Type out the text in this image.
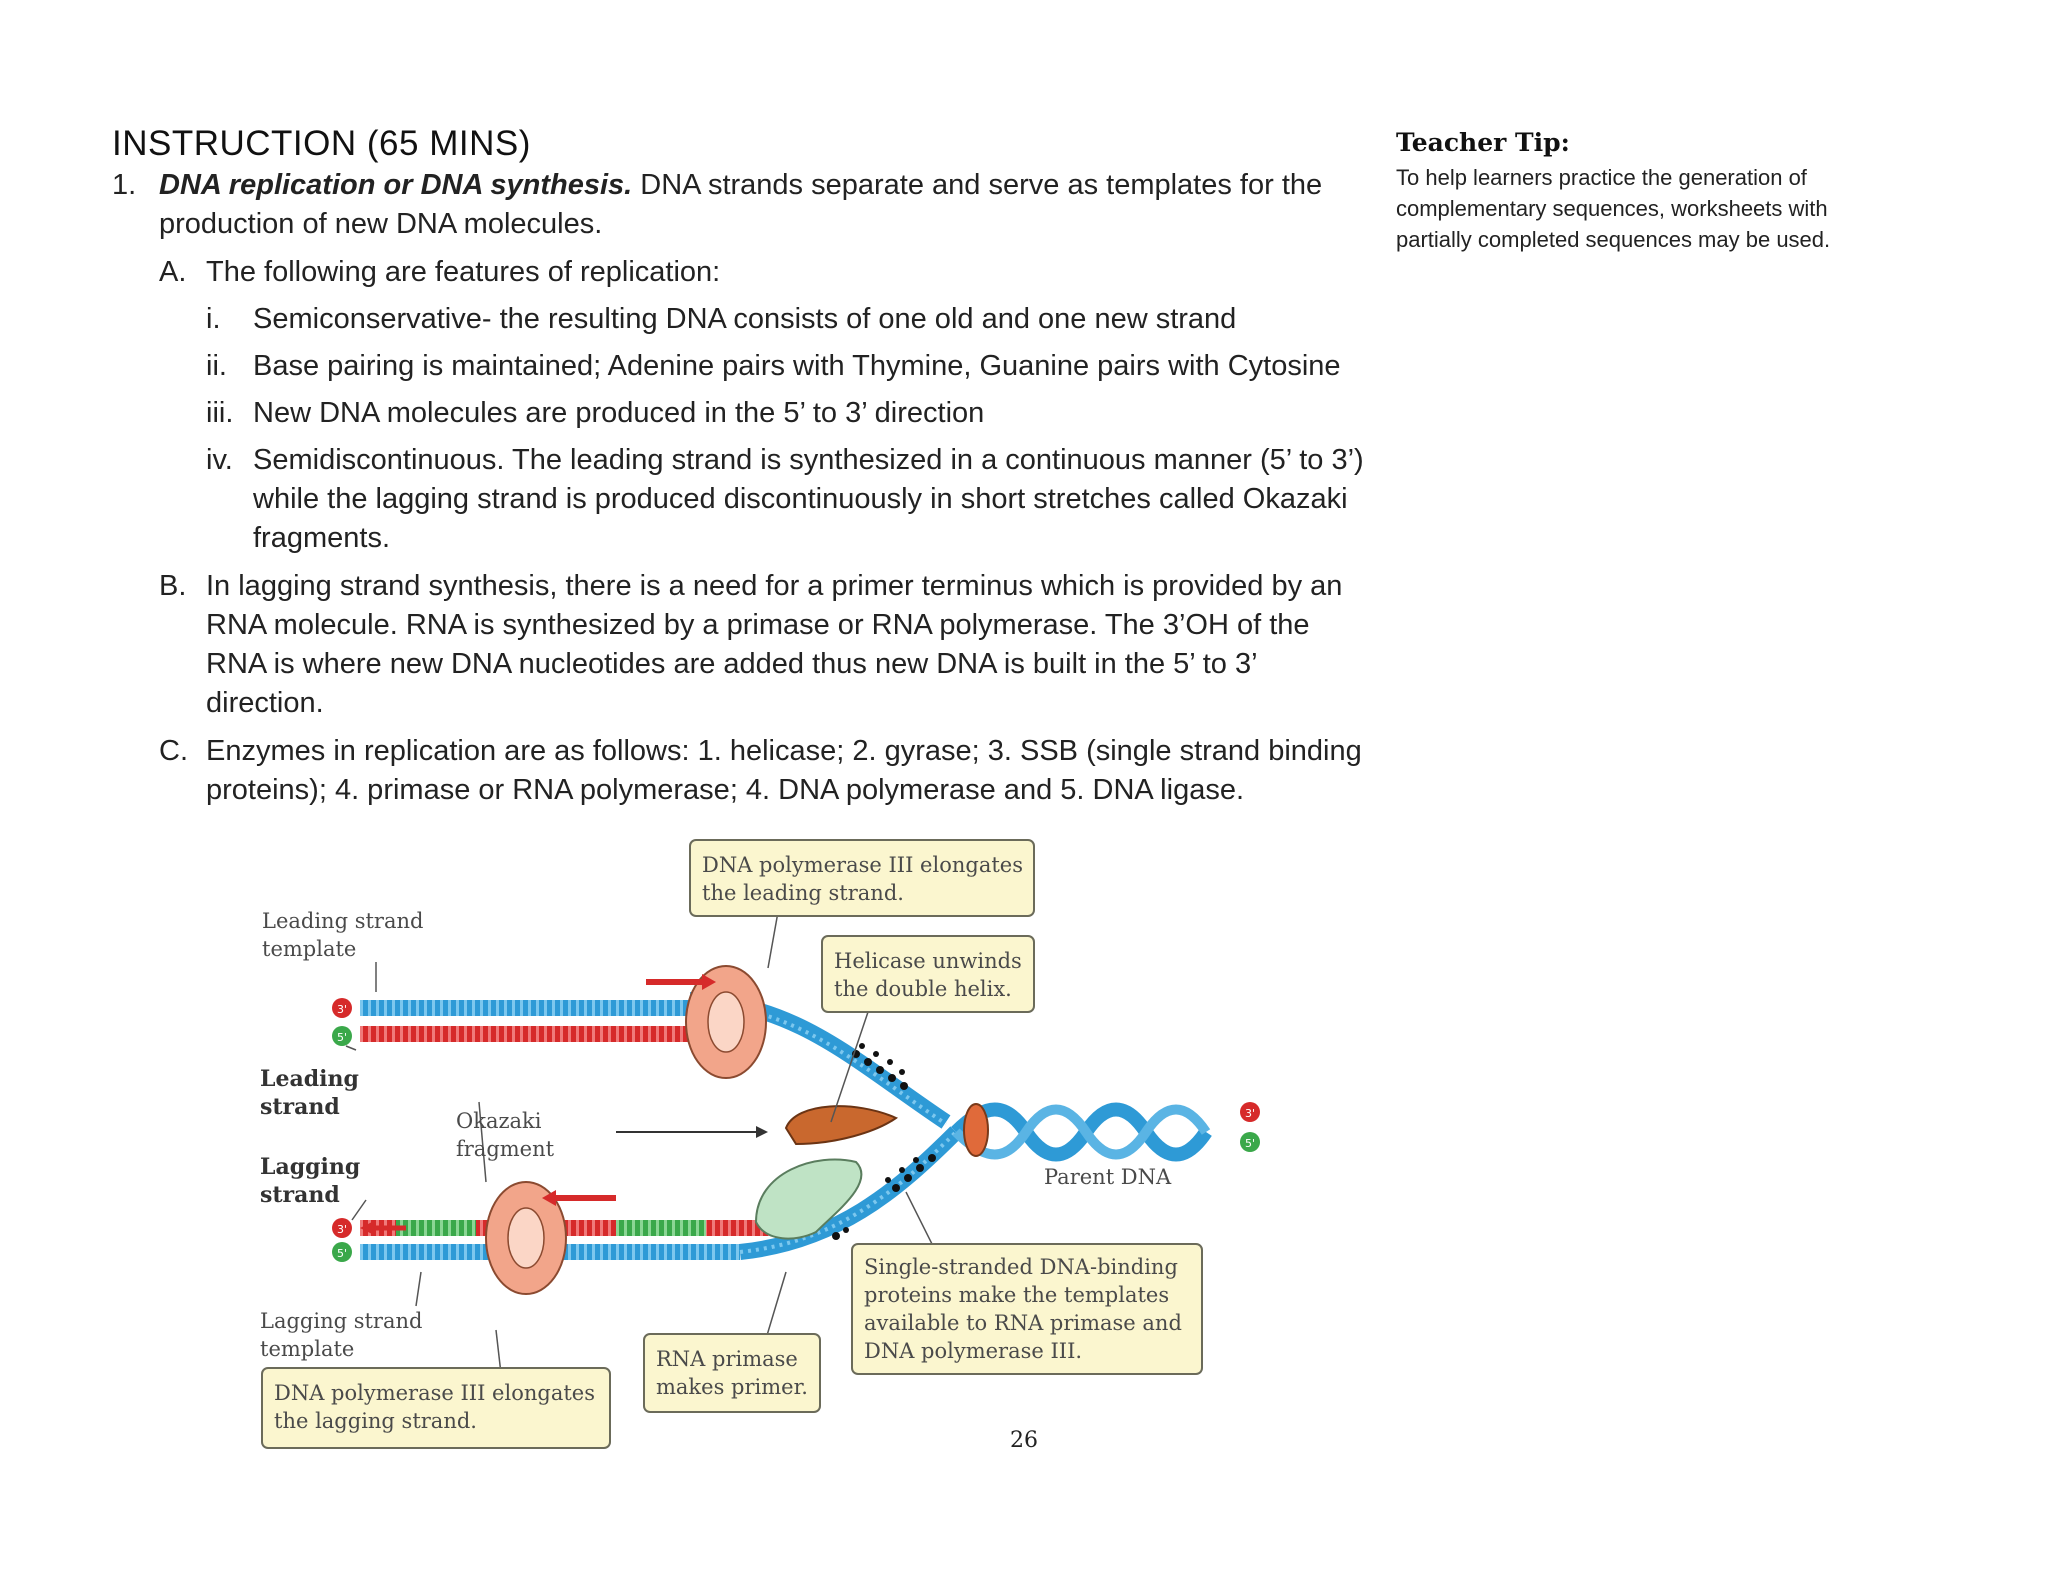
INSTRUCTION (65 MINS)
1. DNA replication or DNA synthesis. DNA strands separate and serve as templates for the
production of new DNA molecules.
A. The following are features of replication:
i. Semiconservative- the resulting DNA consists of one old and one new strand
ii. Base pairing is maintained; Adenine pairs with Thymine, Guanine pairs with Cytosine
iii. New DNA molecules are produced in the 5’ to 3’ direction
iv. Semidiscontinuous. The leading strand is synthesized in a continuous manner (5’ to 3’)
while the lagging strand is produced discontinuously in short stretches called Okazaki
fragments.
B. In lagging strand synthesis, there is a need for a primer terminus which is provided by an
RNA molecule. RNA is synthesized by a primase or RNA polymerase. The 3’OH of the
RNA is where new DNA nucleotides are added thus new DNA is built in the 5’ to 3’
direction.
C. Enzymes in replication are as follows: 1. helicase; 2. gyrase; 3. SSB (single strand binding
proteins); 4. primase or RNA polymerase; 4. DNA polymerase and 5. DNA ligase.
Teacher Tip:
To help learners practice the generation of
complementary sequences, worksheets with
partially completed sequences may be used.
3'
5'
3'
5'
3'
5'
Leading strand
template
Leading
strand
Lagging
strand
Okazaki
fragment
Lagging strand
template
Parent DNA
DNA polymerase III elongates
the leading strand.
Helicase unwinds
the double helix.
Single-stranded DNA-binding
proteins make the templates
available to RNA primase and
DNA polymerase III.
RNA primase
makes primer.
DNA polymerase III elongates
the lagging strand.
26
